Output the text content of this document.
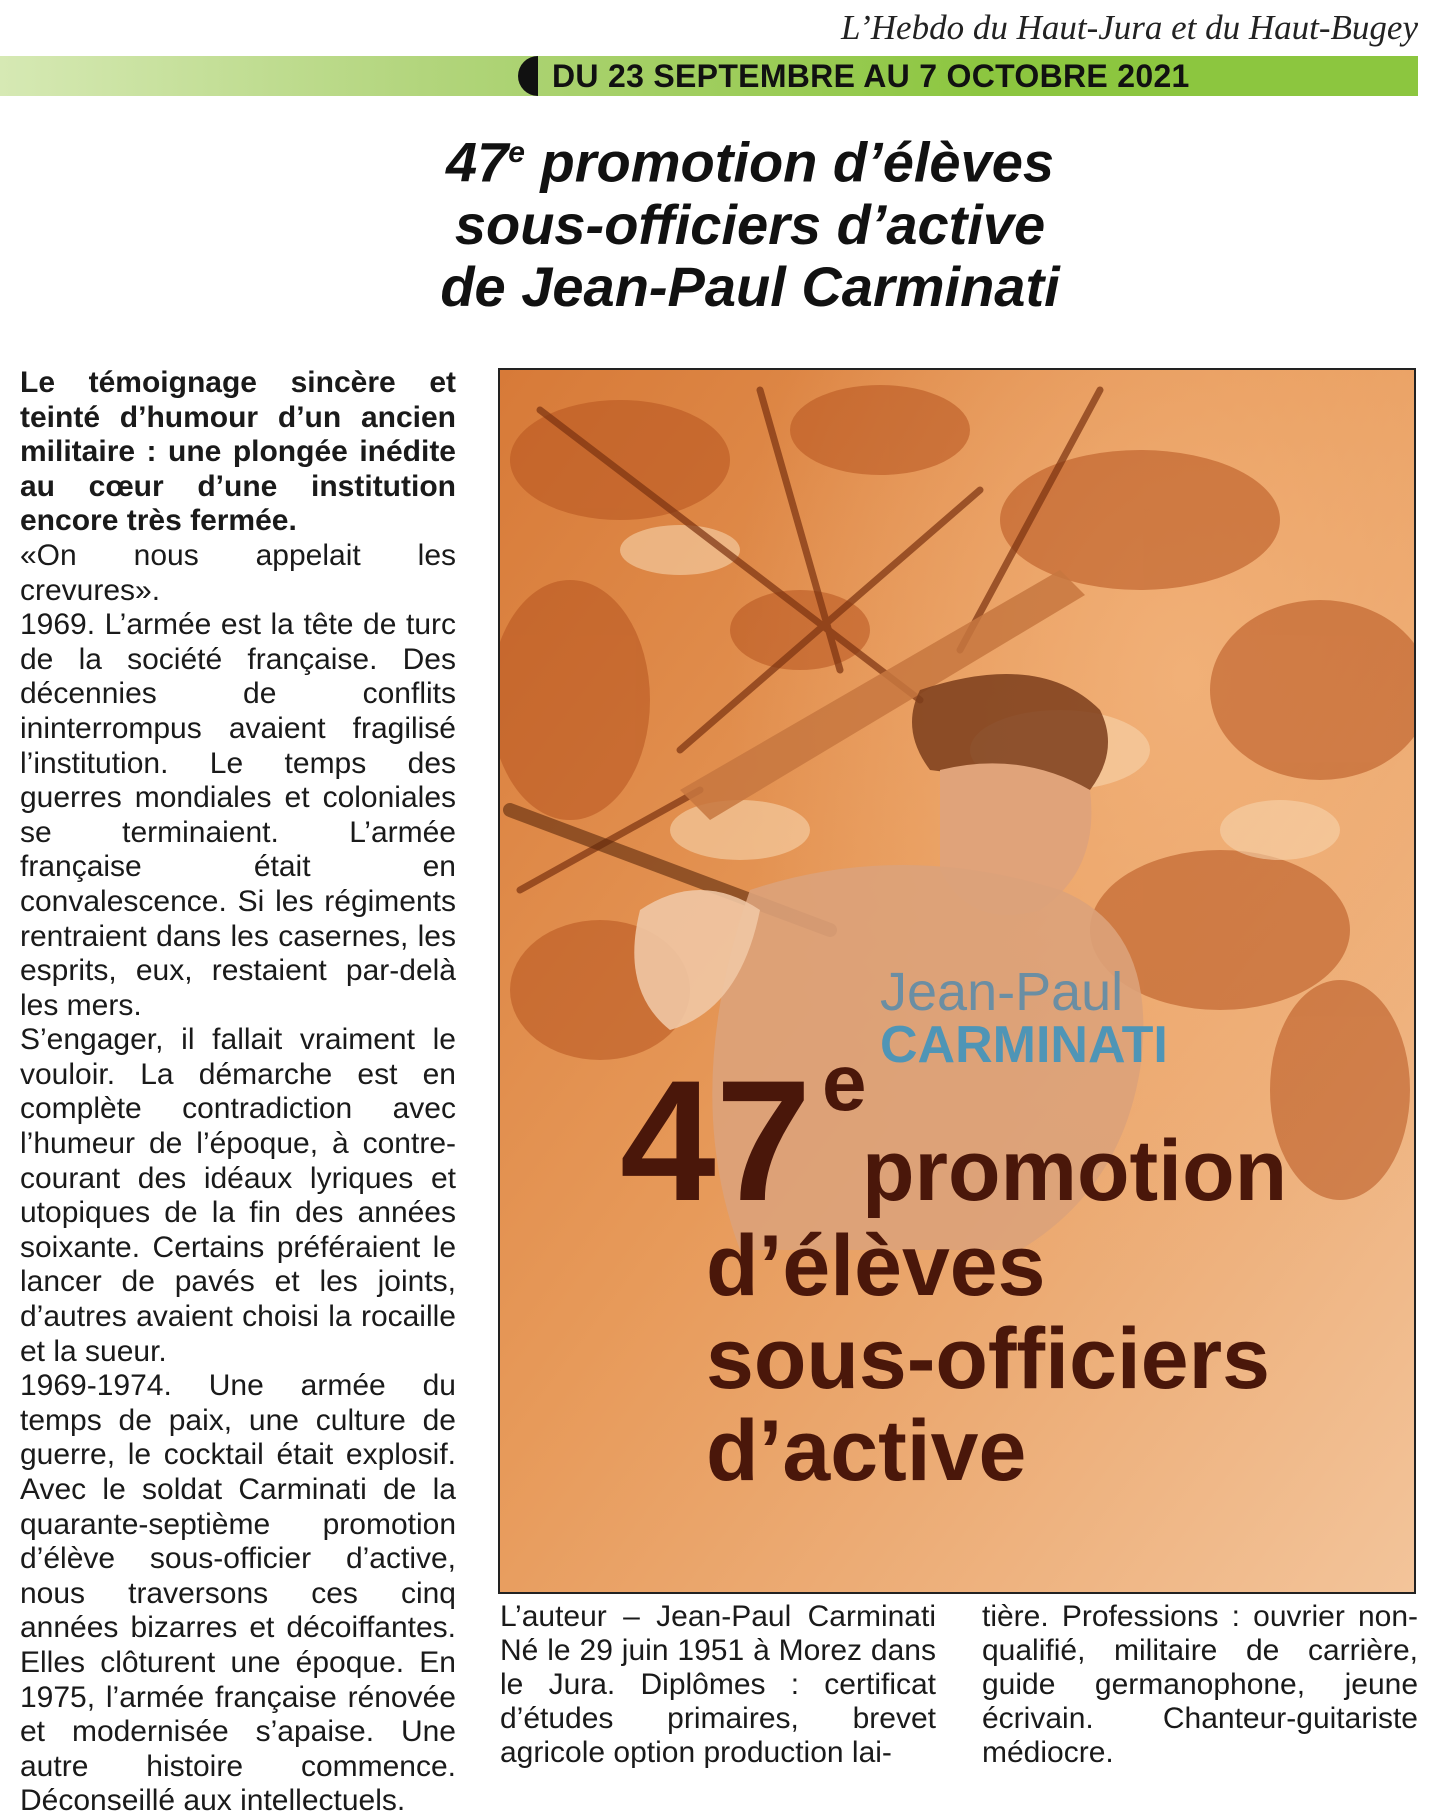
L’Hebdo du Haut-Jura et du Haut-Bugey
DU 23 SEPTEMBRE AU 7 OCTOBRE 2021
47e promotion d’élèves
sous-officiers d’active
de Jean-Paul Carminati

Le témoignage sincère et teinté d’humour d’un ancien militaire : une plongée inédite au cœur d’une institution encore très fermée.

«On nous appelait les crevures».

1969. L’armée est la tête de turc de la société française. Des décennies de conflits ininterrompus avaient fragilisé l’institution. Le temps des guerres mondiales et coloniales se terminaient. L’armée française était en convalescence. Si les régiments rentraient dans les casernes, les esprits, eux, restaient par-delà les mers.

S’engager, il fallait vraiment le vouloir. La démarche est en complète contradiction avec l’humeur de l’époque, à contre-courant des idéaux lyriques et utopiques de la fin des années soixante. Certains préféraient le lancer de pavés et les joints, d’autres avaient choisi la rocaille et la sueur.

1969-1974. Une armée du temps de paix, une culture de guerre, le cocktail était explosif. Avec le soldat Carminati de la quarante-septième promotion d’élève sous-officier d’active, nous traversons ces cinq années bizarres et décoiffantes. Elles clôturent une époque. En 1975, l’armée française rénovée et modernisée s’apaise. Une autre histoire commence. Déconseillé aux intellectuels.

Jean-Paul
CARMINATI
47 e
promotion
d’élèves
sous-officiers
d’active

L’auteur – Jean-Paul Carminati Né le 29 juin 1951 à Morez dans le Jura. Diplômes : certificat d’études primaires, brevet agricole option production lai-

tière. Professions : ouvrier non-qualifié, militaire de carrière, guide germanophone, jeune écrivain. Chanteur-guitariste médiocre.
